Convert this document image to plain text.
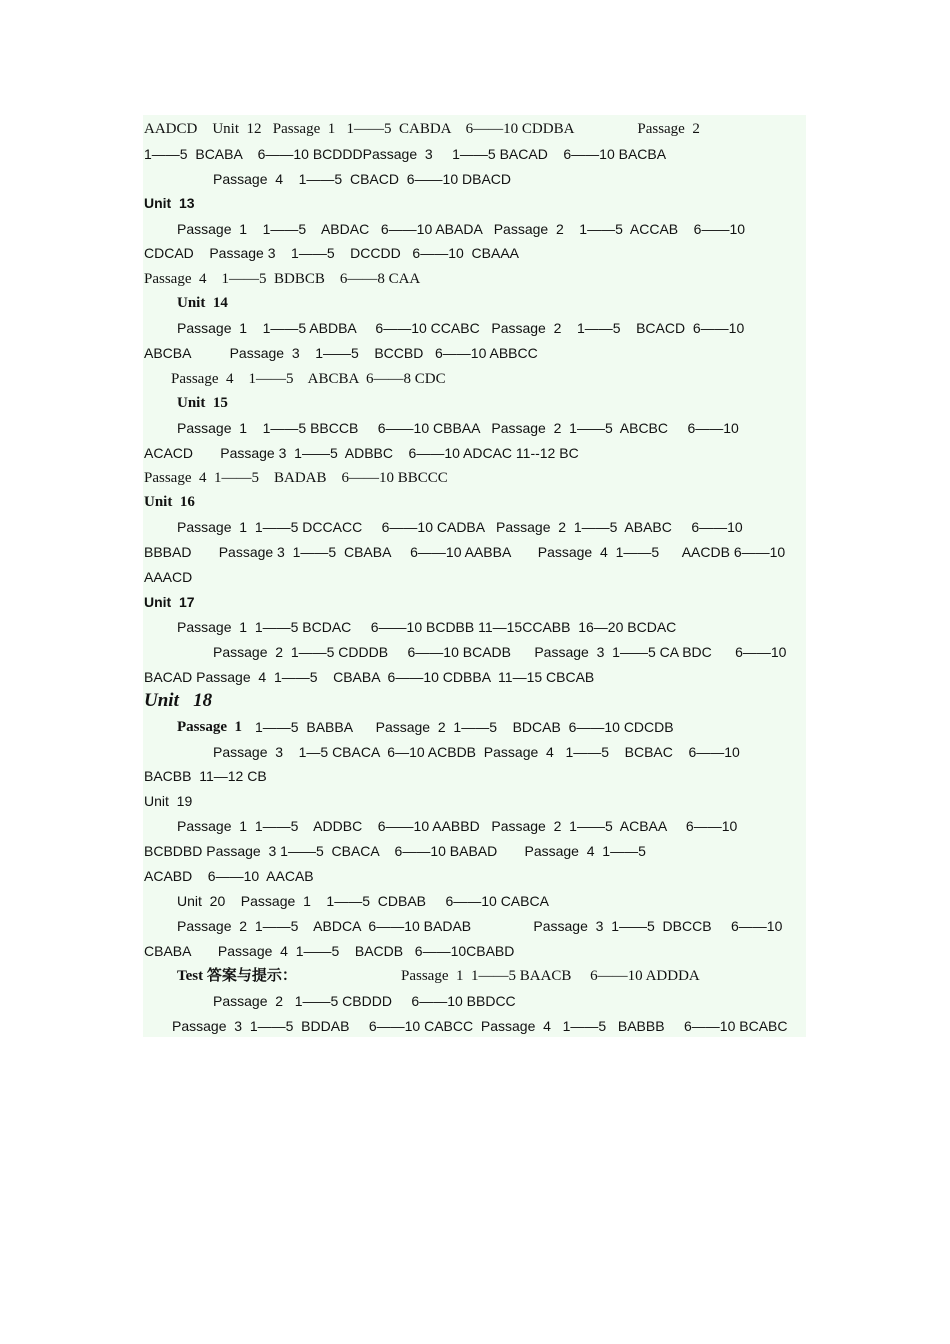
AADCD    Unit  12   Passage  1   1——5  CABDA    6——10 CDDBA                 Passage  2
1——5  BCABA    6——10 BCDDDPassage  3     1——5 BACAD    6——10 BACBA
Passage  4    1——5  CBACD  6——10 DBACD
Unit  13
Passage  1    1——5    ABDAC   6——10 ABADA   Passage  2    1——5  ACCAB    6——10
CDCAD    Passage 3    1——5    DCCDD   6——10  CBAAA
Passage  4    1——5  BDBCB    6——8 CAA
Unit  14
Passage  1    1——5 ABDBA     6——10 CCABC   Passage  2    1——5    BCACD  6——10
ABCBA          Passage  3    1——5    BCCBD   6——10 ABBCC
Passage  4    1——5    ABCBA  6——8 CDC
Unit  15
Passage  1    1——5 BBCCB     6——10 CBBAA   Passage  2  1——5  ABCBC     6——10
ACACD       Passage 3  1——5  ADBBC    6——10 ADCAC 11--12 BC
Passage  4  1——5    BADAB    6——10 BBCCC
Unit  16
Passage  1  1——5 DCCACC     6——10 CADBA   Passage  2  1——5  ABABC     6——10
BBBAD       Passage 3  1——5  CBABA     6——10 AABBA       Passage  4  1——5      AACDB 6——10
AAACD
Unit  17
Passage  1  1——5 BCDAC     6——10 BCDBB 11—15CCABB  16—20 BCDAC
Passage  2  1——5 CDDDB     6——10 BCADB      Passage  3  1——5 CA BDC      6——10
BACAD Passage  4  1——5    CBABA  6——10 CDBBA  11—15 CBCAB
Unit   18
Passage  1 1——5  BABBA      Passage  2  1——5    BDCAB  6——10 CDCDB
Passage  3    1—5 CBACA  6—10 ACBDB  Passage  4   1——5    BCBAC    6——10
BACBB  11—12 CB
Unit  19
Passage  1  1——5    ADDBC    6——10 AABBD   Passage  2  1——5  ACBAA     6——10
BCBDBD Passage  3 1——5  CBACA    6——10 BABAD       Passage  4  1——5
ACABD    6——10  AACAB
Unit  20    Passage  1    1——5  CDBAB     6——10 CABCA
Passage  2  1——5    ABDCA  6——10 BADAB                Passage  3  1——5  DBCCB     6——10
CBABA       Passage  4  1——5    BACDB   6——10CBABD
Test 答案与提示：	Passage  1  1——5 BAACB     6——10 ADDDA
Passage  2   1——5 CBDDD     6——10 BBDCC
Passage  3  1——5  BDDAB     6——10 CABCC  Passage  4   1——5   BABBB     6——10 BCABC
